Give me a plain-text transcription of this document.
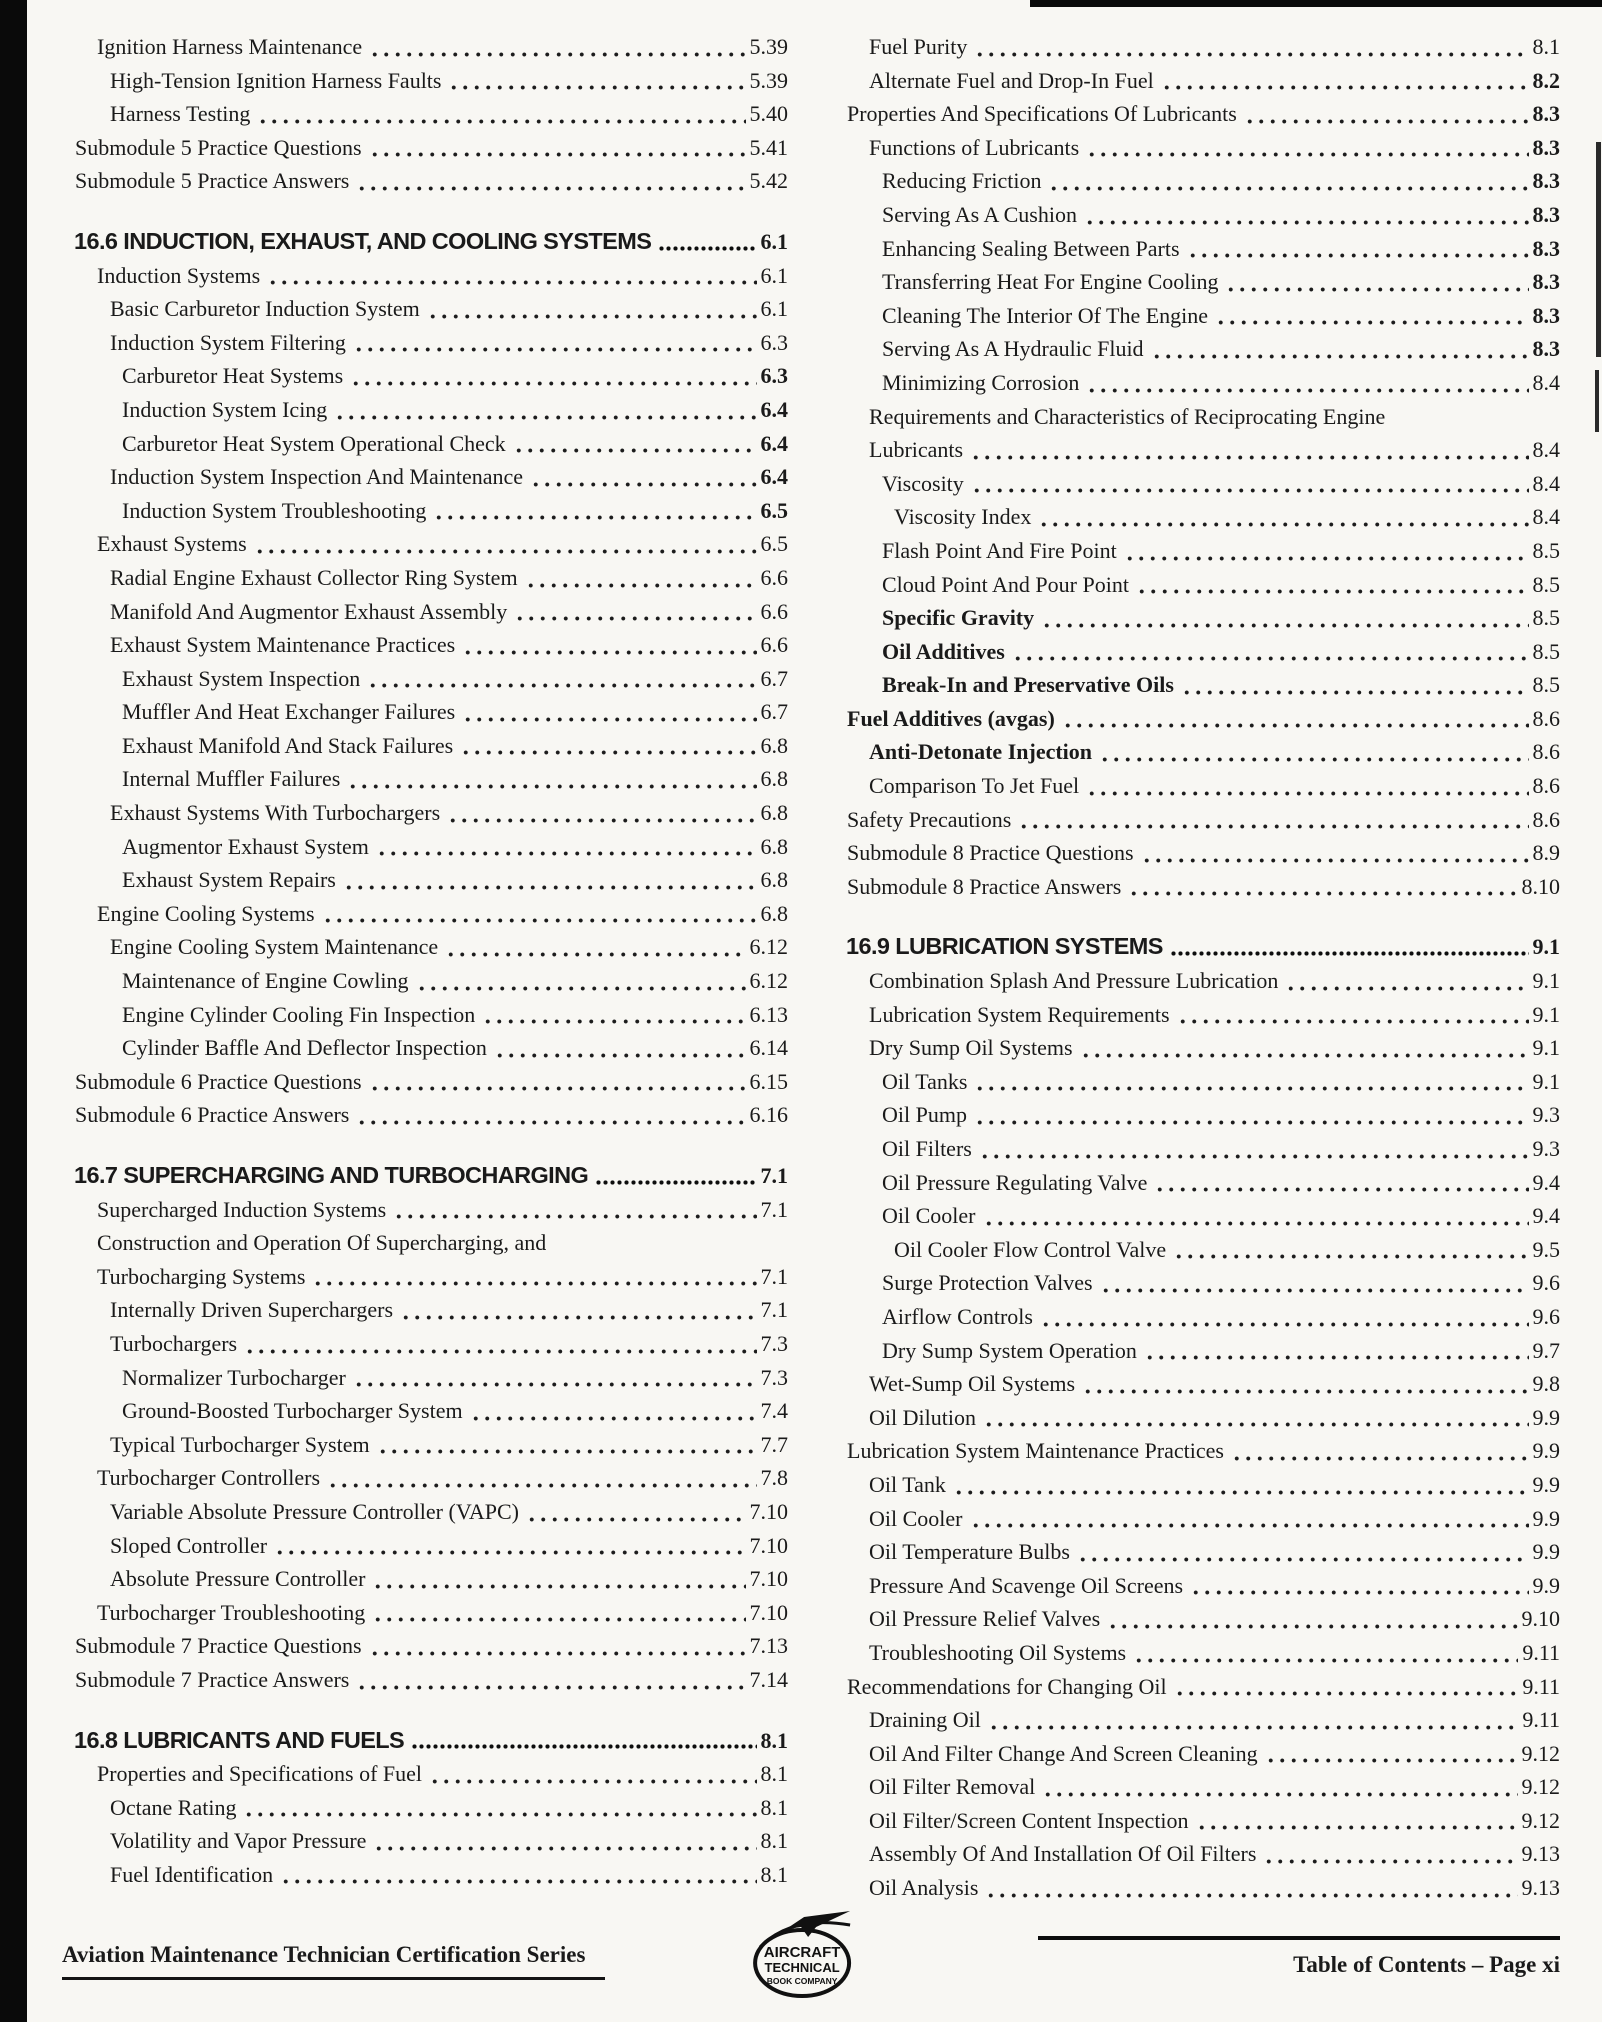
Ignition Harness Maintenance	5.39
High-Tension Ignition Harness Faults	5.39
Harness Testing	5.40
Submodule 5 Practice Questions	5.41
Submodule 5 Practice Answers	5.42
16.6 INDUCTION, EXHAUST, AND COOLING SYSTEMS	6.1
Induction Systems	6.1
Basic Carburetor Induction System	6.1
Induction System Filtering	6.3
Carburetor Heat Systems	6.3
Induction System Icing	6.4
Carburetor Heat System Operational Check	6.4
Induction System Inspection And Maintenance	6.4
Induction System Troubleshooting	6.5
Exhaust Systems	6.5
Radial Engine Exhaust Collector Ring System	6.6
Manifold And Augmentor Exhaust Assembly	6.6
Exhaust System Maintenance Practices	6.6
Exhaust System Inspection	6.7
Muffler And Heat Exchanger Failures	6.7
Exhaust Manifold And Stack Failures	6.8
Internal Muffler Failures	6.8
Exhaust Systems With Turbochargers	6.8
Augmentor Exhaust System	6.8
Exhaust System Repairs	6.8
Engine Cooling Systems	6.8
Engine Cooling System Maintenance	6.12
Maintenance of Engine Cowling	6.12
Engine Cylinder Cooling Fin Inspection	6.13
Cylinder Baffle And Deflector Inspection	6.14
Submodule 6 Practice Questions	6.15
Submodule 6 Practice Answers	6.16
16.7 SUPERCHARGING AND TURBOCHARGING	7.1
Supercharged Induction Systems	7.1
Construction and Operation Of Supercharging, and
Turbocharging Systems	7.1
Internally Driven Superchargers	7.1
Turbochargers	7.3
Normalizer Turbocharger	7.3
Ground-Boosted Turbocharger System	7.4
Typical Turbocharger System	7.7
Turbocharger Controllers	7.8
Variable Absolute Pressure Controller (VAPC)	7.10
Sloped Controller	7.10
Absolute Pressure Controller	7.10
Turbocharger Troubleshooting	7.10
Submodule 7 Practice Questions	7.13
Submodule 7 Practice Answers	7.14
16.8 LUBRICANTS AND FUELS	8.1
Properties and Specifications of Fuel	8.1
Octane Rating	8.1
Volatility and Vapor Pressure	8.1
Fuel Identification	8.1
Fuel Purity	8.1
Alternate Fuel and Drop-In Fuel	8.2
Properties And Specifications Of Lubricants	8.3
Functions of Lubricants	8.3
Reducing Friction	8.3
Serving As A Cushion	8.3
Enhancing Sealing Between Parts	8.3
Transferring Heat For Engine Cooling	8.3
Cleaning The Interior Of The Engine	8.3
Serving As A Hydraulic Fluid	8.3
Minimizing Corrosion	8.4
Requirements and Characteristics of Reciprocating Engine
Lubricants	8.4
Viscosity	8.4
Viscosity Index	8.4
Flash Point And Fire Point	8.5
Cloud Point And Pour Point	8.5
Specific Gravity	8.5
Oil Additives	8.5
Break-In and Preservative Oils	8.5
Fuel Additives (avgas)	8.6
Anti-Detonate Injection	8.6
Comparison To Jet Fuel	8.6
Safety Precautions	8.6
Submodule 8 Practice Questions	8.9
Submodule 8 Practice Answers	8.10
16.9 LUBRICATION SYSTEMS	9.1
Combination Splash And Pressure Lubrication	9.1
Lubrication System Requirements	9.1
Dry Sump Oil Systems	9.1
Oil Tanks	9.1
Oil Pump	9.3
Oil Filters	9.3
Oil Pressure Regulating Valve	9.4
Oil Cooler	9.4
Oil Cooler Flow Control Valve	9.5
Surge Protection Valves	9.6
Airflow Controls	9.6
Dry Sump System Operation	9.7
Wet-Sump Oil Systems	9.8
Oil Dilution	9.9
Lubrication System Maintenance Practices	9.9
Oil Tank	9.9
Oil Cooler	9.9
Oil Temperature Bulbs	9.9
Pressure And Scavenge Oil Screens	9.9
Oil Pressure Relief Valves	9.10
Troubleshooting Oil Systems	9.11
Recommendations for Changing Oil	9.11
Draining Oil	9.11
Oil And Filter Change And Screen Cleaning	9.12
Oil Filter Removal	9.12
Oil Filter/Screen Content Inspection	9.12
Assembly Of And Installation Of Oil Filters	9.13
Oil Analysis	9.13
Aviation Maintenance Technician Certification Series	AIRCRAFT
TECHNICAL
BOOK COMPANY
Table of Contents – Page xi
